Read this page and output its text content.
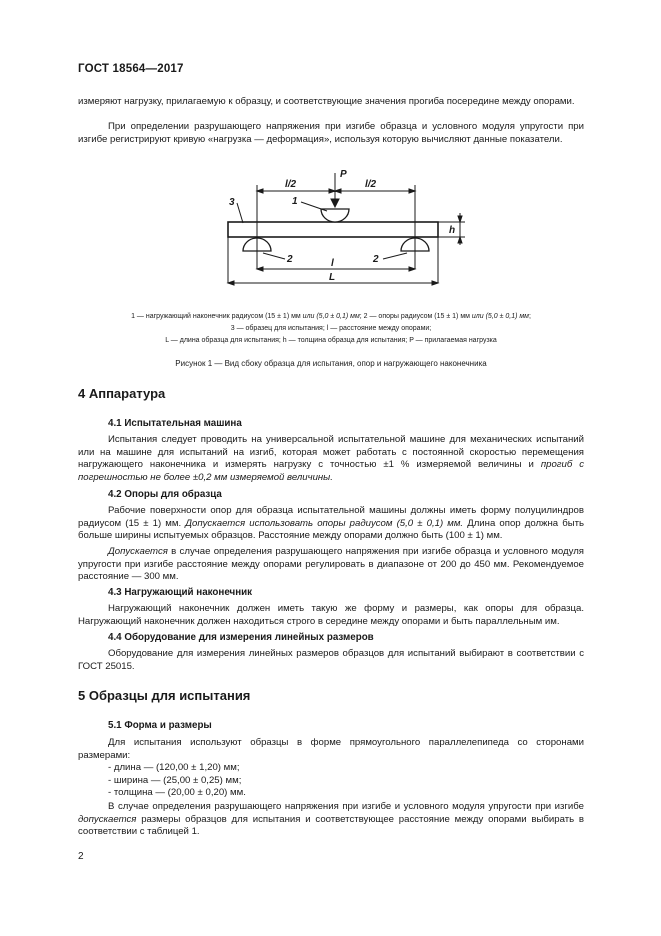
ГОСТ 18564—2017

измеряют нагрузку, прилагаемую к образцу, и соответствующие значения прогиба посередине между опорами.

При определении разрушающего напряжения при изгибе образца и условного модуля упругости при изгибе регистрируют кривую «нагрузка — деформация», используя которую вычисляют данные показатели.

l/2	l/2
P
h
l
L
1
2	2
3
1 — нагружающий наконечник радиусом (15 ± 1) мм или (5,0 ± 0,1) мм; 2 — опоры радиусом (15 ± 1) мм или (5,0 ± 0,1) мм;
3 — образец для испытания; l — расстояние между опорами;
L — длина образца для испытания; h — толщина образца для испытания; P — прилагаемая нагрузка
Рисунок 1 — Вид сбоку образца для испытания, опор и нагружающего наконечника
4 Аппаратура
4.1 Испытательная машина

Испытания следует проводить на универсальной испытательной машине для механических испытаний или на машине для испытаний на изгиб, которая может работать с постоянной скоростью перемещения нагружающего наконечника и измерять нагрузку с точностью ±1 % измеряемой величины и прогиб с погрешностью не более ±0,2 мм измеряемой величины.

4.2 Опоры для образца

Рабочие поверхности опор для образца испытательной машины должны иметь форму полуцилиндров радиусом (15 ± 1) мм. Допускается использовать опоры радиусом (5,0 ± 0,1) мм. Длина опор должна быть больше ширины испытуемых образцов. Расстояние между опорами должно быть (100 ± 1) мм.

Допускается в случае определения разрушающего напряжения при изгибе образца и условного модуля упругости при изгибе расстояние между опорами регулировать в диапазоне от 200 до 450 мм. Рекомендуемое расстояние — 300 мм.

4.3 Нагружающий наконечник

Нагружающий наконечник должен иметь такую же форму и размеры, как опоры для образца. Нагружающий наконечник должен находиться строго в середине между опорами и быть параллельным им.

4.4 Оборудование для измерения линейных размеров

Оборудование для измерения линейных размеров образцов для испытаний выбирают в соответствии с ГОСТ 25015.

5 Образцы для испытания
5.1 Форма и размеры

Для испытания используют образцы в форме прямоугольного параллелепипеда со сторонами размерами:

- длина — (120,00 ± 1,20) мм;
- ширина — (25,00 ± 0,25) мм;
- толщина — (20,00 ± 0,20) мм.

В случае определения разрушающего напряжения при изгибе и условного модуля упругости при изгибе допускается размеры образцов для испытания и соответствующее расстояние между опорами выбирать в соответствии с таблицей 1.

2
